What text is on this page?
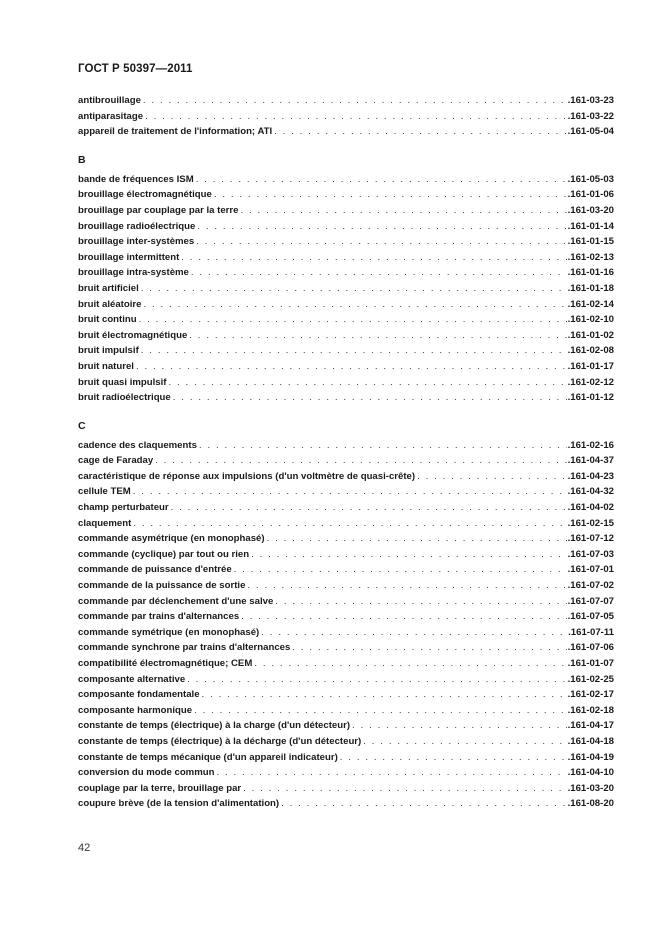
ГОСТ Р 50397—2011
antibrouillage . . .	.161-03-23
antiparasitage . . .	.161-03-22
appareil de traitement de l'information; ATI . . .	.161-05-04
B
bande de fréquences ISM . . .	.161-05-03
brouillage électromagnétique . . .	.161-01-06
brouillage par couplage par la terre . . .	.161-03-20
brouillage radioélectrique . . .	.161-01-14
brouillage inter-systèmes . . .	.161-01-15
brouillage intermittent . . .	.161-02-13
brouillage intra-système . . .	.161-01-16
bruit artificiel . . .	.161-01-18
bruit aléatoire . . .	.161-02-14
bruit continu . . .	.161-02-10
bruit électromagnétique . . .	.161-01-02
bruit impulsif . . .	.161-02-08
bruit naturel . . .	.161-01-17
bruit quasi impulsif . . .	.161-02-12
bruit radioélectrique . . .	.161-01-12
C
cadence des claquements . . .	.161-02-16
cage de Faraday . . .	.161-04-37
caractéristique de réponse aux impulsions (d'un voltmètre de quasi-crête) . . .	.161-04-23
cellule TEM . . .	.161-04-32
champ perturbateur . . .	.161-04-02
claquement . . .	.161-02-15
commande asymétrique (en monophasé) . . .	.161-07-12
commande (cyclique) par tout ou rien . . .	.161-07-03
commande de puissance d'entrée . . .	.161-07-01
commande de la puissance de sortie . . .	.161-07-02
commande par déclenchement d'une salve . . .	.161-07-07
commande par trains d'alternances . . .	.161-07-05
commande symétrique (en monophasé) . . .	.161-07-11
commande synchrone par trains d'alternances . . .	.161-07-06
compatibilité électromagnétique; CEM . . .	.161-01-07
composante alternative . . .	.161-02-25
composante fondamentale . . .	.161-02-17
composante harmonique . . .	.161-02-18
constante de temps (électrique) à la charge (d'un détecteur) . . .	.161-04-17
constante de temps (électrique) à la décharge (d'un détecteur) . . .	.161-04-18
constante de temps mécanique (d'un appareil indicateur) . . .	.161-04-19
conversion du mode commun . . .	.161-04-10
couplage par la terre, brouillage par . . .	.161-03-20
coupure brève (de la tension d'alimentation) . . .	.161-08-20
42
